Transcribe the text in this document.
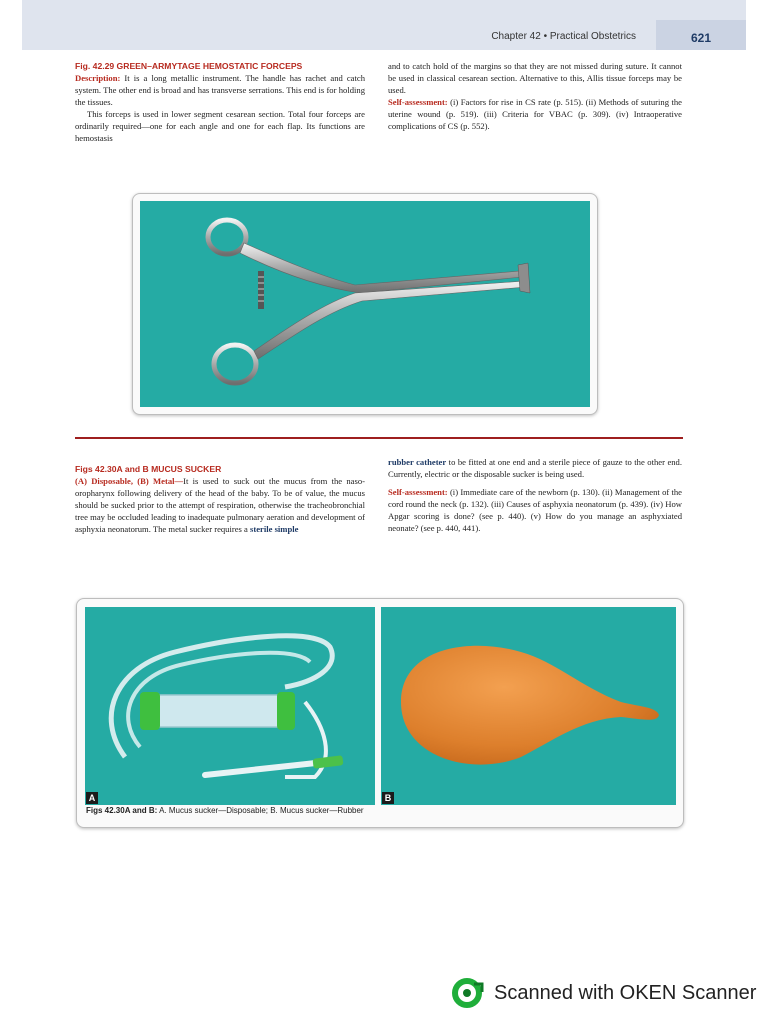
Chapter 42 • Practical Obstetrics	621

Fig. 42.29 GREEN–ARMYTAGE HEMOSTATIC FORCEPS

Description: It is a long metallic instrument. The handle has rachet and catch system. The other end is broad and has transverse serrations. This end is for holding the tissues.

This forceps is used in lower segment cesarean section. Total four forceps are ordinarily required—one for each angle and one for each flap. Its functions are hemostasis

and to catch hold of the margins so that they are not missed during suture. It cannot be used in classical cesarean section. Alternative to this, Allis tissue forceps may be used.

Self-assessment: (i) Factors for rise in CS rate (p. 515). (ii) Methods of suturing the uterine wound (p. 519). (iii) Criteria for VBAC (p. 309). (iv) Intraoperative complications of CS (p. 552).

Figs 42.30A and B MUCUS SUCKER

(A) Disposable, (B) Metal—It is used to suck out the mucus from the naso-oropharynx following delivery of the head of the baby. To be of value, the mucus should be sucked prior to the attempt of respiration, otherwise the tracheobronchial tree may be occluded leading to inadequate pulmonary aeration and development of asphyxia neonatorum. The metal sucker requires a sterile simple

rubber catheter to be fitted at one end and a sterile piece of gauze to the other end. Currently, electric or the disposable sucker is being used.

Self-assessment: (i) Immediate care of the newborn (p. 130). (ii) Management of the cord round the neck (p. 132). (iii) Causes of asphyxia neonatorum (p. 439). (iv) How Apgar scoring is done? (see p. 440). (v) How do you manage an asphyxiated neonate? (see p. 440, 441).

A	B
Figs 42.30A and B: A. Mucus sucker—Disposable; B. Mucus sucker—Rubber
Scanned with OKEN Scanner
